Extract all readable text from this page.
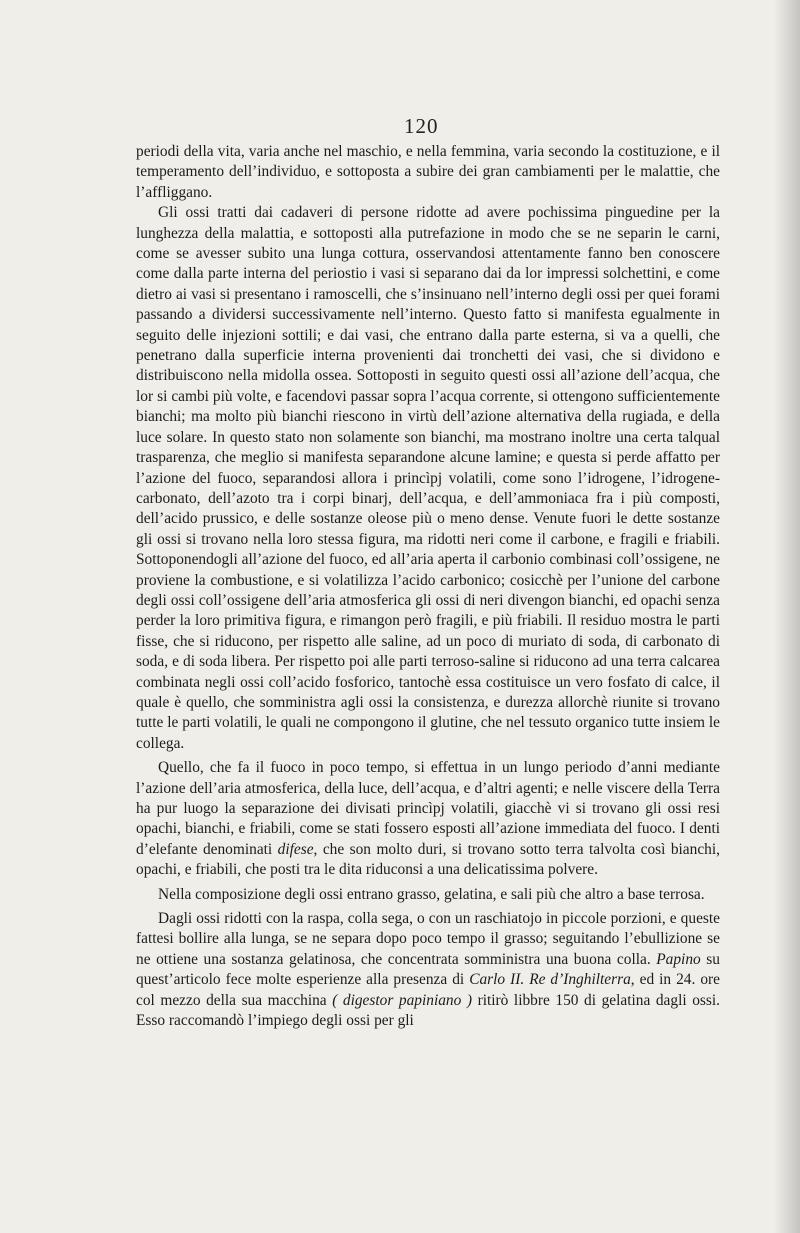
120

periodi della vita, varia anche nel maschio, e nella femmina, varia secondo la costituzione, e il temperamento dell’individuo, e sottoposta a subire dei gran cambiamenti per le malattie, che l’affliggano.

Gli ossi tratti dai cadaveri di persone ridotte ad avere pochissima pinguedine per la lunghezza della malattia, e sottoposti alla putrefazione in modo che se ne separin le carni, come se avesser subito una lunga cottura, osservandosi attentamente fanno ben conoscere come dalla parte interna del periostio i vasi si separano dai da lor impressi solchettini, e come dietro ai vasi si presentano i ramoscelli, che s’insinuano nell’interno degli ossi per quei forami passando a dividersi successivamente nell’interno. Questo fatto si manifesta egualmente in seguito delle injezioni sottili; e dai vasi, che entrano dalla parte esterna, si va a quelli, che penetrano dalla superficie interna provenienti dai tronchetti dei vasi, che si dividono e distribuiscono nella midolla ossea. Sottoposti in seguito questi ossi all’azione dell’acqua, che lor si cambi più volte, e facendovi passar sopra l’acqua corrente, si ottengono sufficientemente bianchi; ma molto più bianchi riescono in virtù dell’azione alternativa della rugiada, e della luce solare. In questo stato non solamente son bianchi, ma mostrano inoltre una certa talqual trasparenza, che meglio si manifesta separandone alcune lamine; e questa si perde affatto per l’azione del fuoco, separandosi allora i princìpj volatili, come sono l’idrogene, l’idrogene-carbonato, dell’azoto tra i corpi binarj, dell’acqua, e dell’ammoniaca fra i più composti, dell’acido prussico, e delle sostanze oleose più o meno dense. Venute fuori le dette sostanze gli ossi si trovano nella loro stessa figura, ma ridotti neri come il carbone, e fragili e friabili. Sottoponendogli all’azione del fuoco, ed all’aria aperta il carbonio combinasi coll’ossigene, ne proviene la combustione, e si volatilizza l’acido carbonico; cosicchè per l’unione del carbone degli ossi coll’ossigene dell’aria atmosferica gli ossi di neri divengon bianchi, ed opachi senza perder la loro primitiva figura, e rimangon però fragili, e più friabili. Il residuo mostra le parti fisse, che si riducono, per rispetto alle saline, ad un poco di muriato di soda, di carbonato di soda, e di soda libera. Per rispetto poi alle parti terroso-saline si riducono ad una terra calcarea combinata negli ossi coll’acido fosforico, tantochè essa costituisce un vero fosfato di calce, il quale è quello, che somministra agli ossi la consistenza, e durezza allorchè riunite si trovano tutte le parti volatili, le quali ne compongono il glutine, che nel tessuto organico tutte insiem le collega.

Quello, che fa il fuoco in poco tempo, si effettua in un lungo periodo d’anni mediante l’azione dell’aria atmosferica, della luce, dell’acqua, e d’altri agenti; e nelle viscere della Terra ha pur luogo la separazione dei divisati princìpj volatili, giacchè vi si trovano gli ossi resi opachi, bianchi, e friabili, come se stati fossero esposti all’azione immediata del fuoco. I denti d’elefante denominati difese, che son molto duri, si trovano sotto terra talvolta così bianchi, opachi, e friabili, che posti tra le dita riduconsi a una delicatissima polvere.

Nella composizione degli ossi entrano grasso, gelatina, e sali più che altro a base terrosa.

Dagli ossi ridotti con la raspa, colla sega, o con un raschiatojo in piccole porzioni, e queste fattesi bollire alla lunga, se ne separa dopo poco tempo il grasso; seguitando l’ebullizione se ne ottiene una sostanza gelatinosa, che concentrata somministra una buona colla. Papino su quest’articolo fece molte esperienze alla presenza di Carlo II. Re d’Inghilterra, ed in 24. ore col mezzo della sua macchina ( digestor papiniano ) ritirò libbre 150 di gelatina dagli ossi. Esso raccomandò l’impiego degli ossi per gli
